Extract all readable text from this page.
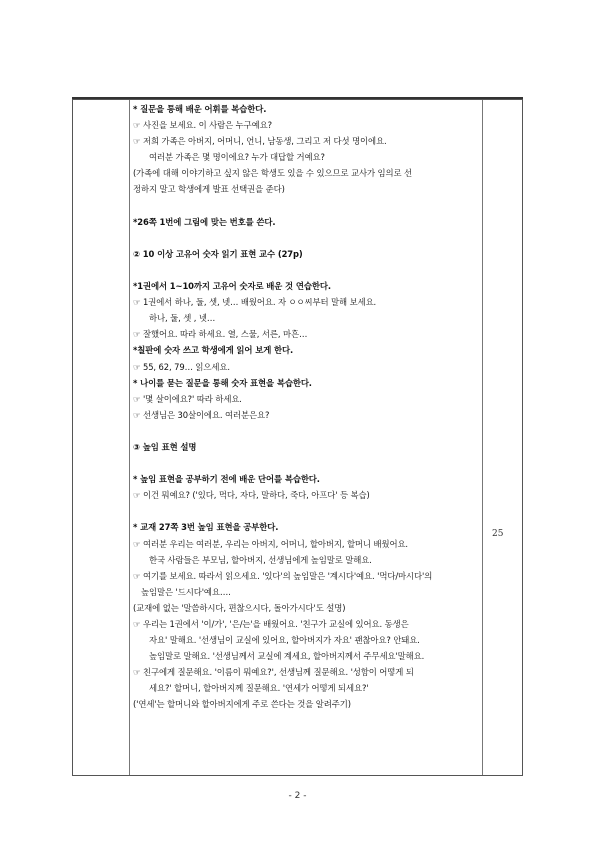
* 질문을 통해 배운 어휘를 복습한다.
☞ 사진을 보세요. 이 사람은 누구예요?
☞ 저희 가족은 아버지, 어머니, 언니, 남동생, 그리고 저 다섯 명이에요.
여러분 가족은 몇 명이에요? 누가 대답할 거예요?
(가족에 대해 이야기하고 싶지 않은 학생도 있을 수 있으므로 교사가 임의로 선
정하지 말고 학생에게 발표 선택권을 준다)
*26쪽 1번에 그림에 맞는 번호를 쓴다.
② 10 이상 고유어 숫자 읽기 표현 교수 (27p)
*1권에서 1~10까지 고유어 숫자로 배운 것 연습한다.
☞ 1권에서 하나, 둘, 셋, 넷… 배웠어요. 자 ㅇㅇ씨부터 말해 보세요.
하나, 둘, 셋 , 넷…
☞ 잘했어요. 따라 하세요. 열, 스물, 서른, 마흔…
*칠판에 숫자 쓰고 학생에게 읽어 보게 한다.
☞ 55, 62, 79… 읽으세요.
* 나이를 묻는 질문을 통해 숫자 표현을 복습한다.
☞ '몇 살이에요?' 따라 하세요.
☞ 선생님은 30살이에요. 여러분은요?
③ 높임 표현 설명
* 높임 표현을 공부하기 전에 배운 단어를 복습한다.
☞ 이건 뭐예요? ('있다, 먹다, 자다, 말하다, 죽다, 아프다' 등 복습)
* 교재 27쪽 3번 높임 표현을 공부한다.
☞ 여러분 우리는 여러분, 우리는 아버지, 어머니, 할아버지, 할머니 배웠어요.
한국 사람들은 부모님, 할아버지, 선생님에게 높임말로 말해요.
☞ 여기를 보세요. 따라서 읽으세요. '있다'의 높임말은 '계시다'예요. '먹다/마시다'의
높임말은 '드시다'예요….
(교재에 없는 '말씀하시다, 편찮으시다, 돌아가시다'도 설명)
☞ 우리는 1권에서 '이/가', '은/는'을 배웠어요. '친구가 교실에 있어요. 동생은
자요' 말해요. '선생님이 교실에 있어요, 할아버지가 자요' 괜찮아요? 안돼요.
높임말로 말해요. '선생님께서 교실에 계세요, 할아버지께서 주무세요'말해요.
☞ 친구에게 질문해요. '이름이 뭐예요?', 선생님께 질문해요. '성함이 어떻게 되
세요?' 할머니, 할아버지께 질문해요. '연세가 어떻게 되세요?'
('연세'는 할머니와 할아버지에게 주로 쓴다는 것을 알려주기)
25
- 2 -
